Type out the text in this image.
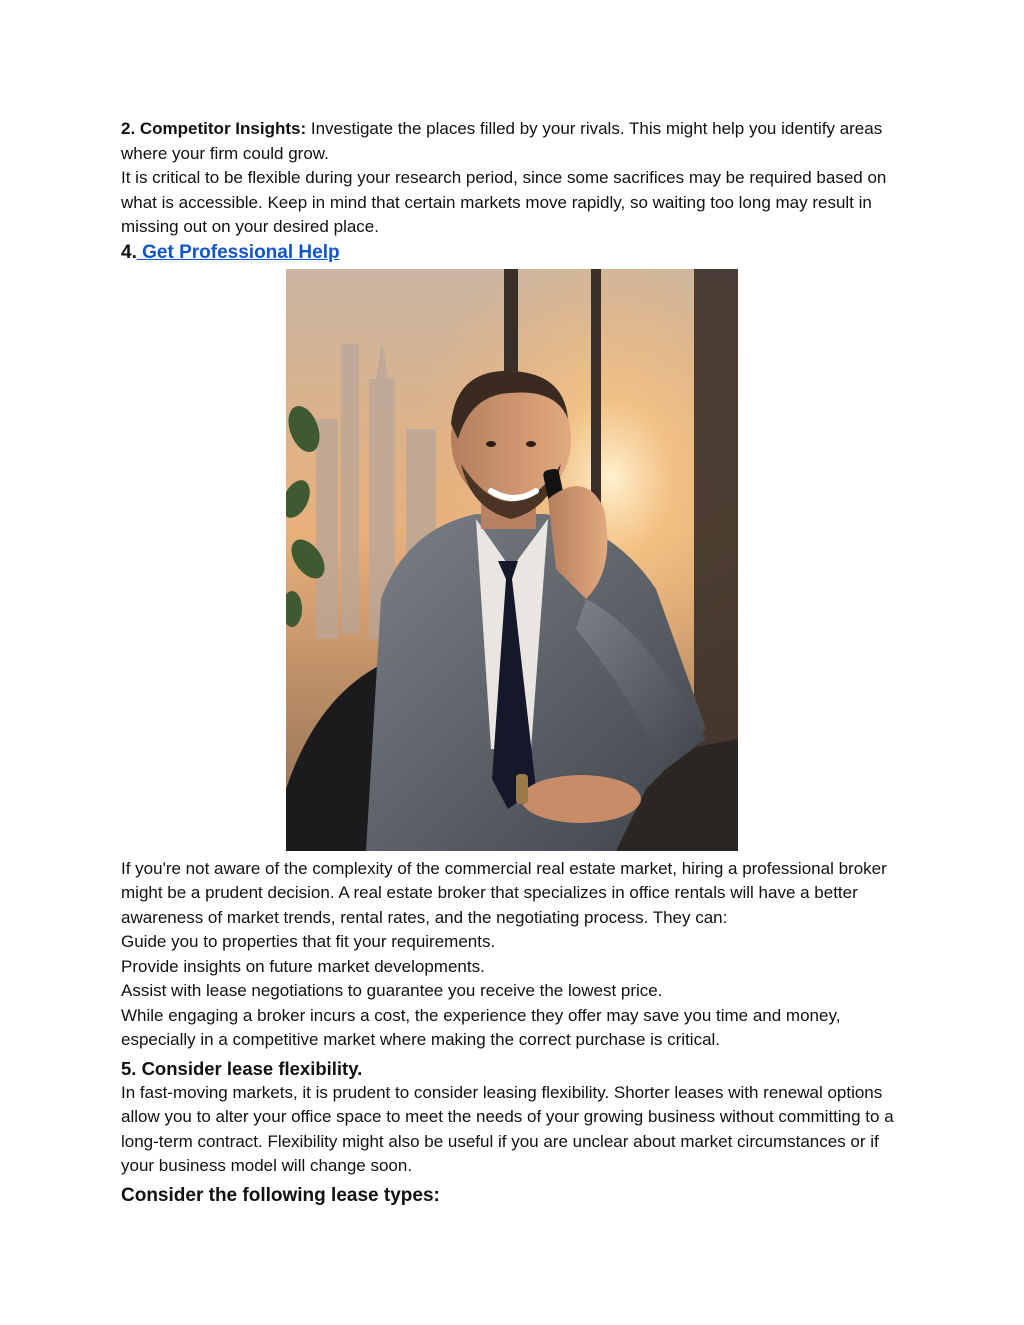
2. Competitor Insights: Investigate the places filled by your rivals. This might help you identify areas where your firm could grow.

It is critical to be flexible during your research period, since some sacrifices may be required based on what is accessible. Keep in mind that certain markets move rapidly, so waiting too long may result in missing out on your desired place.

4. Get Professional Help

If you're not aware of the complexity of the commercial real estate market, hiring a professional broker might be a prudent decision. A real estate broker that specializes in office rentals will have a better awareness of market trends, rental rates, and the negotiating process. They can:

Guide you to properties that fit your requirements.

Provide insights on future market developments.

Assist with lease negotiations to guarantee you receive the lowest price.

While engaging a broker incurs a cost, the experience they offer may save you time and money, especially in a competitive market where making the correct purchase is critical.

5. Consider lease flexibility.

In fast-moving markets, it is prudent to consider leasing flexibility. Shorter leases with renewal options allow you to alter your office space to meet the needs of your growing business without committing to a long-term contract. Flexibility might also be useful if you are unclear about market circumstances or if your business model will change soon.

Consider the following lease types:
